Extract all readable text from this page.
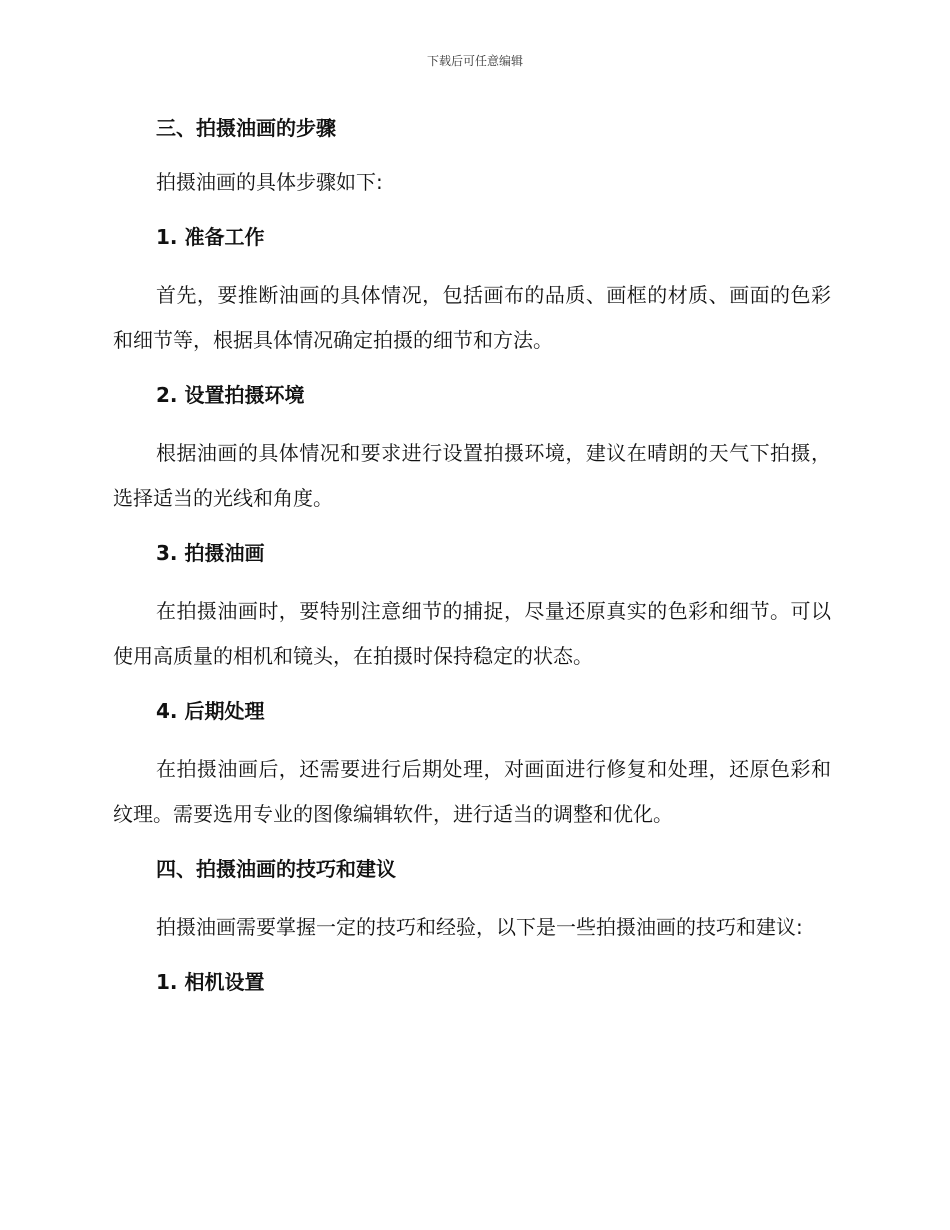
下载后可任意编辑

三、拍摄油画的步骤

拍摄油画的具体步骤如下:

1. 准备工作

首先，要推断油画的具体情况，包括画布的品质、画框的材质、画面的色彩和细节等，根据具体情况确定拍摄的细节和方法。

2. 设置拍摄环境

根据油画的具体情况和要求进行设置拍摄环境，建议在晴朗的天气下拍摄，选择适当的光线和角度。

3. 拍摄油画

在拍摄油画时，要特别注意细节的捕捉，尽量还原真实的色彩和细节。可以使用高质量的相机和镜头，在拍摄时保持稳定的状态。

4. 后期处理

在拍摄油画后，还需要进行后期处理，对画面进行修复和处理，还原色彩和纹理。需要选用专业的图像编辑软件，进行适当的调整和优化。

四、拍摄油画的技巧和建议

拍摄油画需要掌握一定的技巧和经验，以下是一些拍摄油画的技巧和建议:

1. 相机设置
